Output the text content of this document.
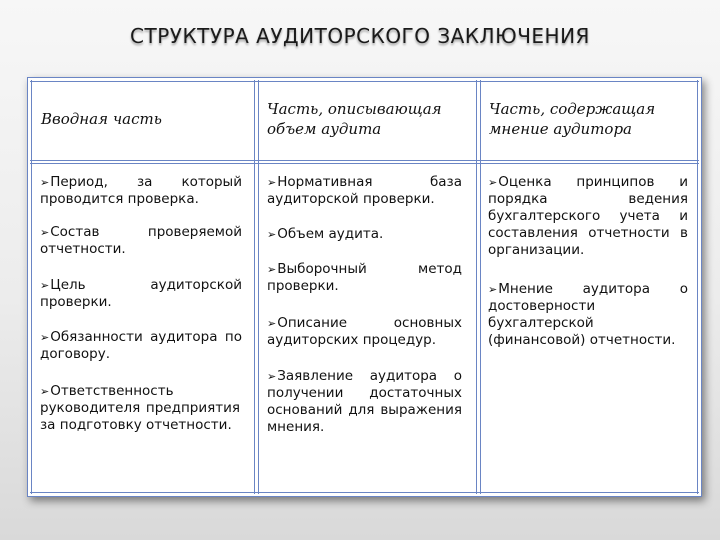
СТРУКТУРА АУДИТОРСКОГО ЗАКЛЮЧЕНИЯ
Вводная часть
Часть, описывающая объем аудита
Часть, содержащая мнение аудитора

➢Период, за который проводится проверка.

➢Состав проверяемой отчетности.

➢Цель аудиторской проверки.

➢Обязанности аудитора по договору.

➢Ответственность руководителя предприятия за подготовку отчетности.

➢Нормативная база аудиторской проверки.

➢Объем аудита.

➢Выборочный метод проверки.

➢Описание основных аудиторских процедур.

➢Заявление аудитора о получении достаточных оснований для выражения мнения.

➢Оценка принципов и порядка ведения бухгалтерского учета и составления отчетности в организации.

➢Мнение аудитора о достоверности бухгалтерской (финансовой) отчетности.
